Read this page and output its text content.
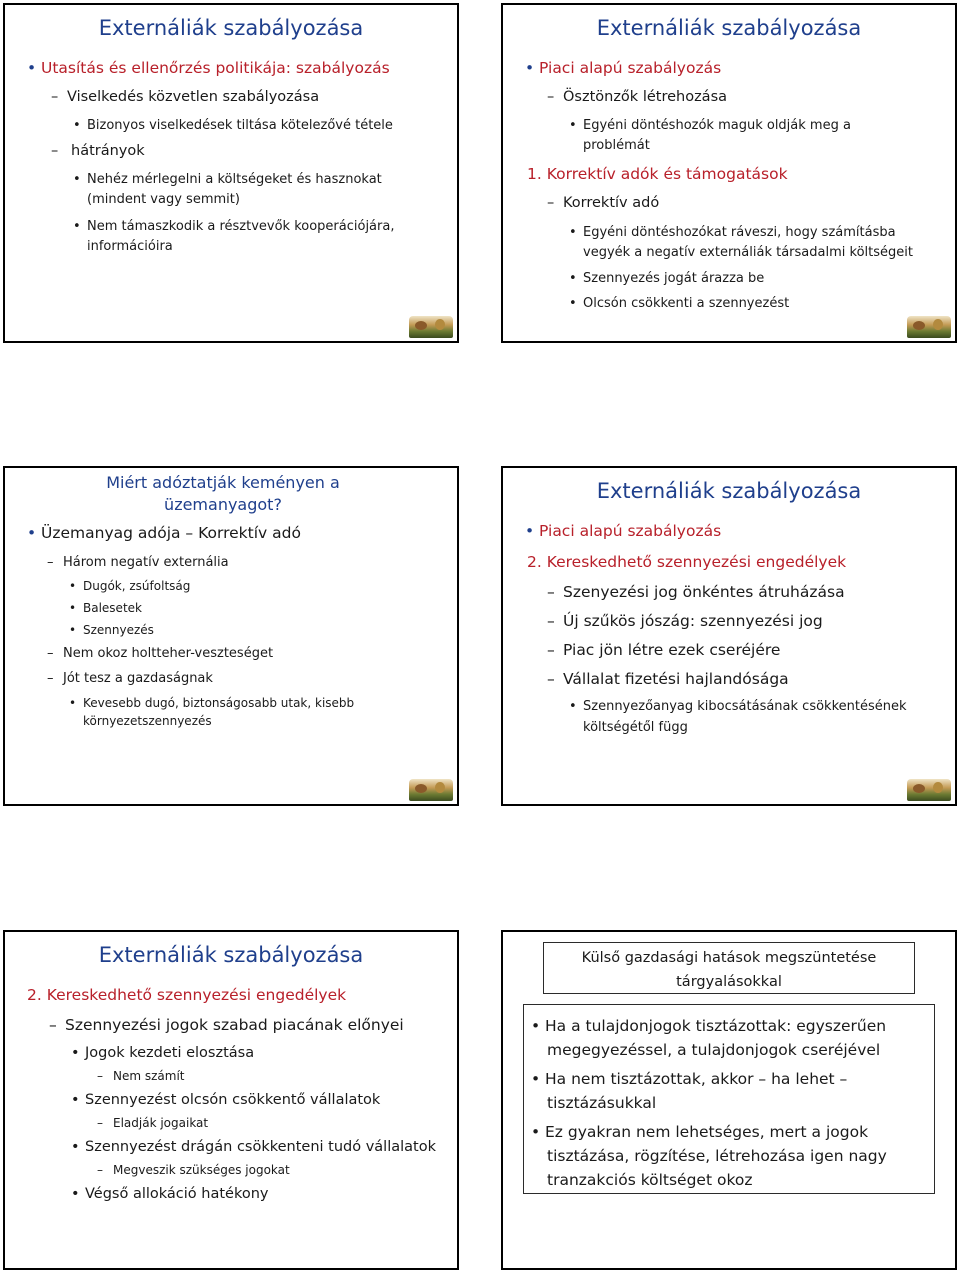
Externáliák szabályozása
• Utasítás és ellenőrzés politikája: szabályozás
– Viselkedés közvetlen szabályozása
• Bizonyos viselkedések tiltása kötelezővé tétele
– hátrányok
• Nehéz mérlegelni a költségeket és hasznokat
(mindent vagy semmit)
• Nem támaszkodik a résztvevők kooperációjára,
információira
Externáliák szabályozása
• Piaci alapú szabályozás
– Ösztönzők létrehozása
• Egyéni döntéshozók maguk oldják meg a
problémát
1. Korrektív adók és támogatások
– Korrektív adó
• Egyéni döntéshozókat ráveszi, hogy számításba
vegyék a negatív externáliák társadalmi költségeit
• Szennyezés jogát árazza be
• Olcsón csökkenti a szennyezést
Miért adóztatják keményen a
üzemanyagot?
• Üzemanyag adója – Korrektív adó
– Három negatív externália
• Dugók, zsúfoltság
• Balesetek
• Szennyezés
– Nem okoz holtteher-veszteséget
– Jót tesz a gazdaságnak
• Kevesebb dugó, biztonságosabb utak, kisebb
környezetszennyezés
Externáliák szabályozása
• Piaci alapú szabályozás
2. Kereskedhető szennyezési engedélyek
– Szenyezési jog önkéntes átruházása
– Új szűkös jószág: szennyezési jog
– Piac jön létre ezek cseréjére
– Vállalat fizetési hajlandósága
• Szennyezőanyag kibocsátásának csökkentésének
költségétől függ
Externáliák szabályozása
2. Kereskedhető szennyezési engedélyek
– Szennyezési jogok szabad piacának előnyei
• Jogok kezdeti elosztása
– Nem számít
• Szennyezést olcsón csökkentő vállalatok
– Eladják jogaikat
• Szennyezést drágán csökkenteni tudó vállalatok
– Megveszik szükséges jogokat
• Végső allokáció hatékony
Külső gazdasági hatások megszüntetése
tárgyalásokkal
• Ha a tulajdonjogok tisztázottak: egyszerűen
megegyezéssel, a tulajdonjogok cseréjével
• Ha nem tisztázottak, akkor – ha lehet –
tisztázásukkal
• Ez gyakran nem lehetséges, mert a jogok
tisztázása, rögzítése, létrehozása igen nagy
tranzakciós költséget okoz
